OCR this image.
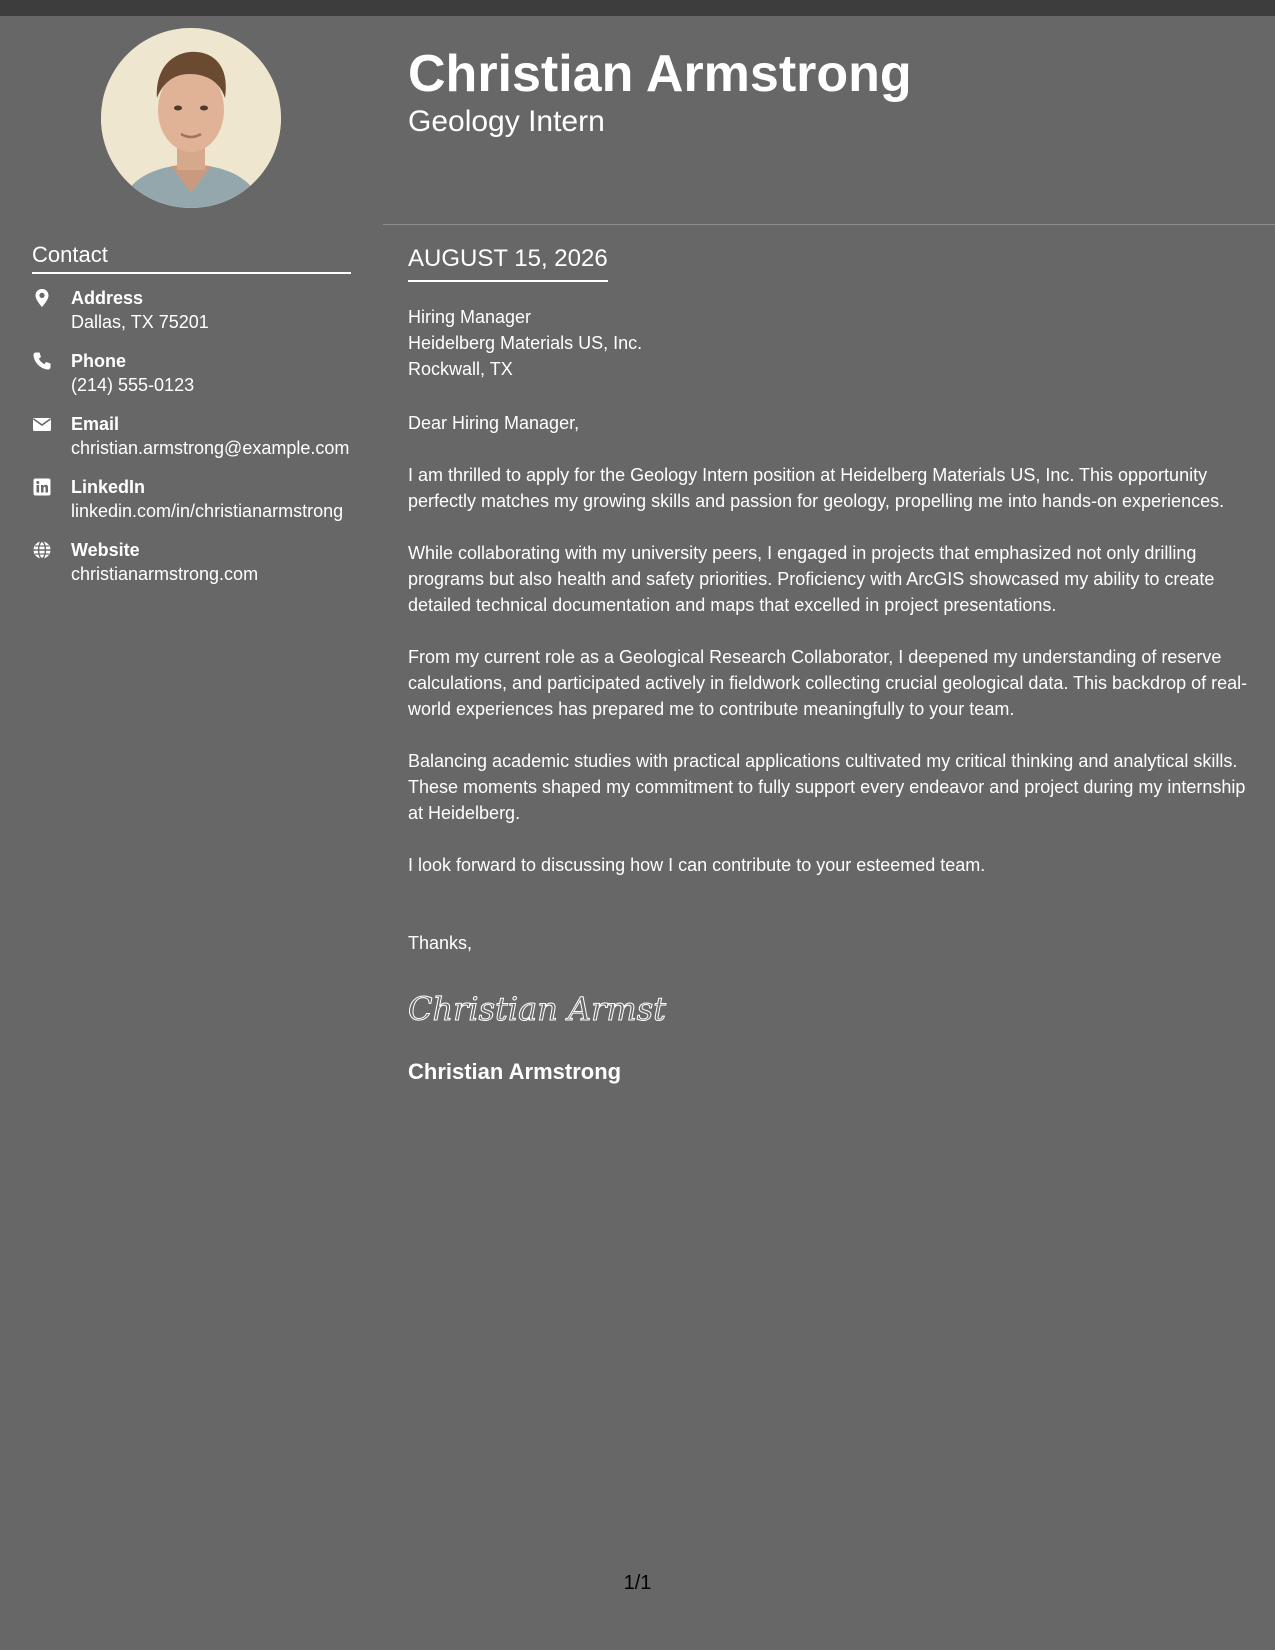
Contact
Address
Dallas, TX 75201
Phone
(214) 555-0123
Email
christian.armstrong@example.com
LinkedIn
linkedin.com/in/christianarmstrong
Website
christianarmstrong.com
Christian Armstrong
Geology Intern
AUGUST 15, 2026
Hiring Manager
Heidelberg Materials US, Inc.
Rockwall, TX
Dear Hiring Manager,
I am thrilled to apply for the Geology Intern position at Heidelberg Materials US, Inc. This opportunity perfectly matches my growing skills and passion for geology, propelling me into hands-on experiences.
While collaborating with my university peers, I engaged in projects that emphasized not only drilling programs but also health and safety priorities. Proficiency with ArcGIS showcased my ability to create detailed technical documentation and maps that excelled in project presentations.
From my current role as a Geological Research Collaborator, I deepened my understanding of reserve calculations, and participated actively in fieldwork collecting crucial geological data. This backdrop of real-world experiences has prepared me to contribute meaningfully to your team.
Balancing academic studies with practical applications cultivated my critical thinking and analytical skills. These moments shaped my commitment to fully support every endeavor and project during my internship at Heidelberg.
I look forward to discussing how I can contribute to your esteemed team.
Thanks,
Christian Armst
Christian Armstrong
1/1
